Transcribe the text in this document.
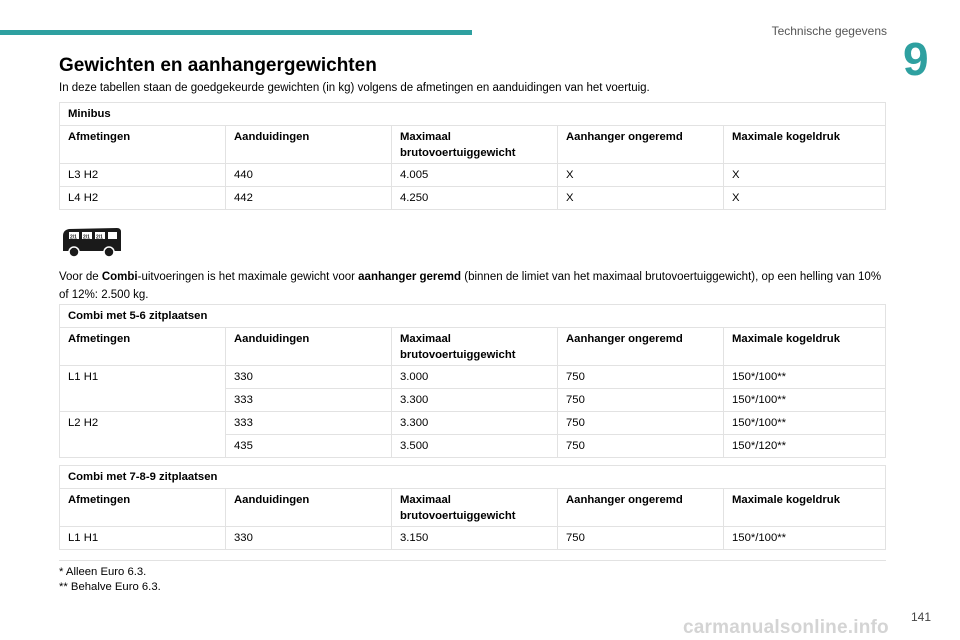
Technische gegevens
9
Gewichten en aanhangergewichten
In deze tabellen staan de goedgekeurde gewichten (in kg) volgens de afmetingen en aanduidingen van het voertuig.
Minibus				
Afmetingen	Aanduidingen	Maximaal brutovoertuiggewicht	Aanhanger ongeremd	Maximale kogeldruk
L3 H2	440	4.005	X	X
L4 H2	442	4.250	X	X
2/1 2/1 2/1
Voor de Combi-uitvoeringen is het maximale gewicht voor aanhanger geremd (binnen de limiet van het maximaal brutovoertuiggewicht), op een helling van 10% of 12%: 2.500 kg.
Combi met 5-6 zitplaatsen				
Afmetingen	Aanduidingen	Maximaal brutovoertuiggewicht	Aanhanger ongeremd	Maximale kogeldruk
L1 H1	330	3.000	750	150*/100**
	333	3.300	750	150*/100**
L2 H2	333	3.300	750	150*/100**
	435	3.500	750	150*/120**
Combi met 7-8-9 zitplaatsen				
Afmetingen	Aanduidingen	Maximaal brutovoertuiggewicht	Aanhanger ongeremd	Maximale kogeldruk
L1 H1	330	3.150	750	150*/100**
* Alleen Euro 6.3.
** Behalve Euro 6.3.
141
carmanualsonline.info
